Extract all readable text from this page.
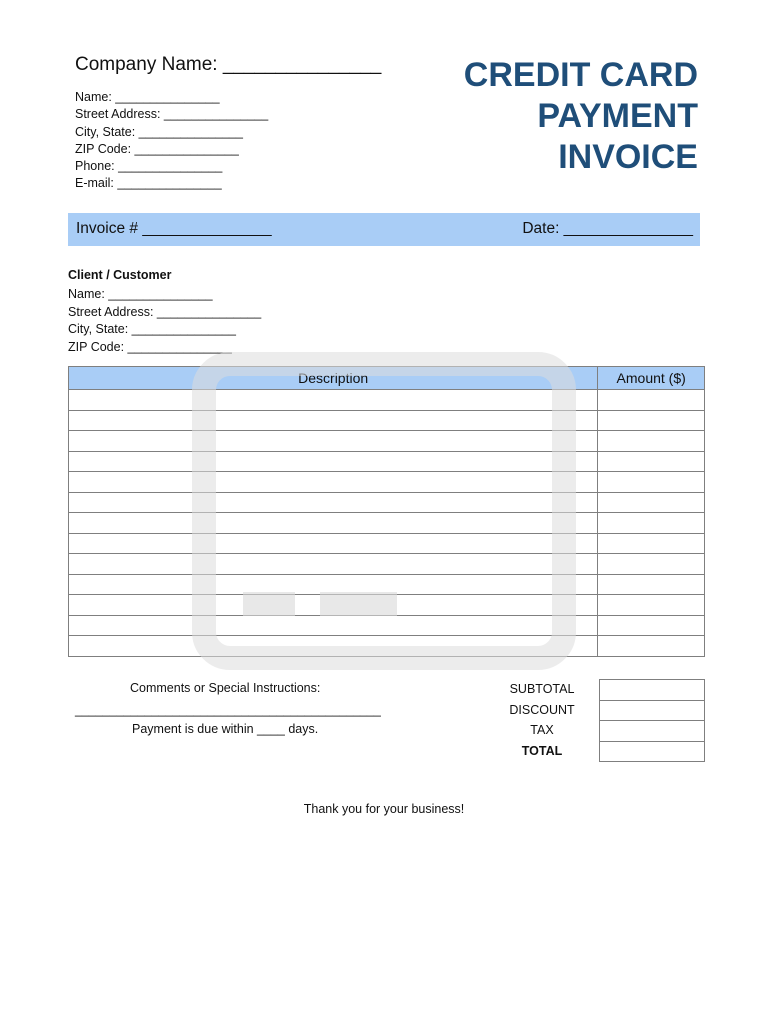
Company Name: _______________
Name: _______________
Street Address: _______________
City, State: _______________
ZIP Code: _______________
Phone: _______________
E-mail: _______________
CREDIT CARD
PAYMENT
INVOICE
Invoice # _______________	Date: _______________
Client / Customer
Name: _______________
Street Address: _______________
City, State: _______________
ZIP Code: _______________
Description	Amount ($)

Comments or Special Instructions:
____________________________________________
Payment is due within ____ days.
SUBTOTAL
DISCOUNT
TAX
TOTAL

Thank you for your business!
